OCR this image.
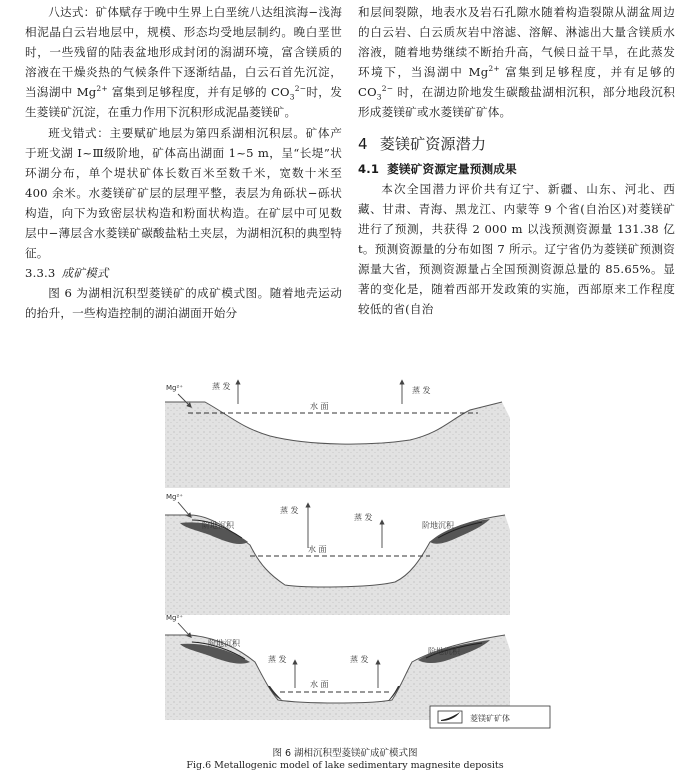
八达式：矿体赋存于晚中生界上白垩统八达组滨海−浅海相泥晶白云岩地层中，规模、形态均受地层制约。晚白垩世时，一些残留的陆表盆地形成封闭的潟湖环境，富含镁质的溶液在干燥炎热的气候条件下逐渐结晶，白云石首先沉淀，当潟湖中 $Mg^{2+}$ 富集到足够程度，并有足够的 $CO_3^{2-}$时，发生菱镁矿沉淀，在重力作用下沉积形成泥晶菱镁矿。
班戈错式：主要赋矿地层为第四系湖相沉积层。矿体产于班戈湖 Ⅰ~Ⅲ级阶地，矿体高出湖面 1~5 m，呈“长堤”状环湖分布，单个堤状矿体长数百米至数千米，宽数十米至 400 余米。水菱镁矿矿层的层理平整，表层为角砾状−砾状构造，向下为致密层状构造和粉面状构造。在矿层中可见数层中−薄层含水菱镁矿碳酸盐粘土夹层，为湖相沉积的典型特征。
3.3.3 成矿模式
图 6 为湖相沉积型菱镁矿的成矿模式图。随着地壳运动的抬升，一些构造控制的湖泊湖面开始分
和层间裂隙，地表水及岩石孔隙水随着构造裂隙从湖盆周边的白云岩、白云质灰岩中溶滤、溶解、淋滤出大量含镁质水溶液，随着地势继续不断抬升高，气候日益干旱，在此蒸发环境下，当潟湖中 $Mg^{2+}$ 富集到足够程度，并有足够的 $CO_3^{2-}$ 时，在湖边阶地发生碳酸盐湖相沉积，部分地段沉积形成菱镁矿或水菱镁矿矿体。
4 菱镁矿资源潜力
4.1 菱镁矿资源定量预测成果
本次全国潜力评价共有辽宁、新疆、山东、河北、西藏、甘肃、青海、黑龙江、内蒙等 9 个省(自治区)对菱镁矿进行了预测，共获得 2 000 m 以浅预测资源量 131.38 亿 t。预测资源量的分布如图 7 所示。辽宁省仍为菱镁矿预测资源量大省，预测资源量占全国预测资源总量的 85.65%。显著的变化是，随着西部开发政策的实施，西部原来工作程度较低的省(自治
Mg²⁺	蒸 发	蒸 发
水 面
Mg²⁺
阶地沉积	阶地沉积
蒸 发
蒸 发
水 面
Mg²⁺
阶地沉积
阶地沉积
蒸 发	蒸 发
水 面
菱镁矿矿体
图 6 湖相沉积型菱镁矿成矿模式图
Fig.6 Metallogenic model of lake sedimentary magnesite deposits
